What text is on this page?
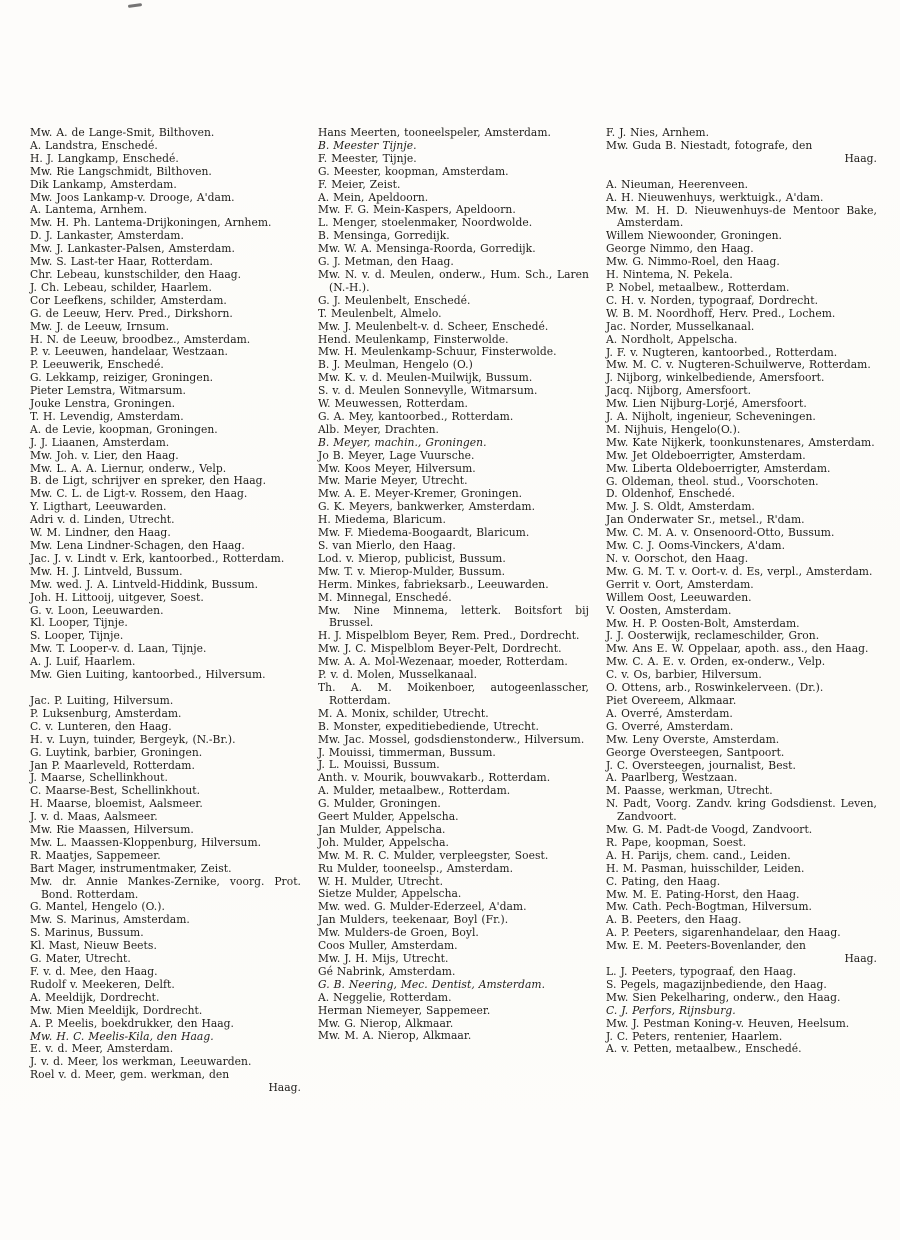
Mw. A. de Lange-Smit, Bilthoven.

A. Landstra, Enschedé.

H. J. Langkamp, Enschedé.

Mw. Rie Langschmidt, Bilthoven.

Dik Lankamp, Amsterdam.

Mw. Joos Lankamp-v. Drooge, A'dam.

A. Lantema, Arnhem.

Mw. H. Ph. Lantema-Drijkoningen, Arnhem.

D. J. Lankaster, Amsterdam.

Mw. J. Lankaster-Palsen, Amsterdam.

Mw. S. Last-ter Haar, Rotterdam.

Chr. Lebeau, kunstschilder, den Haag.

J. Ch. Lebeau, schilder, Haarlem.

Cor Leefkens, schilder, Amsterdam.

G. de Leeuw, Herv. Pred., Dirkshorn.

Mw. J. de Leeuw, Irnsum.

H. N. de Leeuw, broodbez., Amsterdam.

P. v. Leeuwen, handelaar, Westzaan.

P. Leeuwerik, Enschedé.

G. Lekkamp, reiziger, Groningen.

Pieter Lemstra, Witmarsum.

Jouke Lenstra, Groningen.

T. H. Levendig, Amsterdam.

A. de Levie, koopman, Groningen.

J. J. Liaanen, Amsterdam.

Mw. Joh. v. Lier, den Haag.

Mw. L. A. A. Liernur, onderw., Velp.

B. de Ligt, schrijver en spreker, den Haag.

Mw. C. L. de Ligt-v. Rossem, den Haag.

Y. Ligthart, Leeuwarden.

Adri v. d. Linden, Utrecht.

W. M. Lindner, den Haag.

Mw. Lena Lindner-Schagen, den Haag.

Jac. J. v. Lindt v. Erk, kantoorbed., Rotterdam.

Mw. H. J. Lintveld, Bussum.

Mw. wed. J. A. Lintveld-Hiddink, Bussum.

Joh. H. Littooij, uitgever, Soest.

G. v. Loon, Leeuwarden.

Kl. Looper, Tijnje.

S. Looper, Tijnje.

Mw. T. Looper-v. d. Laan, Tijnje.

A. J. Luif, Haarlem.

Mw. Gien Luiting, kantoorbed., Hilversum.

Jac. P. Luiting, Hilversum.

P. Luksenburg, Amsterdam.

C. v. Lunteren, den Haag.

H. v. Luyn, tuinder, Bergeyk, (N.-Br.).

G. Luytink, barbier, Groningen.

Jan P. Maarleveld, Rotterdam.

J. Maarse, Schellinkhout.

C. Maarse-Best, Schellinkhout.

H. Maarse, bloemist, Aalsmeer.

J. v. d. Maas, Aalsmeer.

Mw. Rie Maassen, Hilversum.

Mw. L. Maassen-Kloppenburg, Hilversum.

R. Maatjes, Sappemeer.

Bart Mager, instrumentmaker, Zeist.

Mw. dr. Annie Mankes-Zernike, voorg. Prot. Bond. Rotterdam.

G. Mantel, Hengelo (O.).

Mw. S. Marinus, Amsterdam.

S. Marinus, Bussum.

Kl. Mast, Nieuw Beets.

G. Mater, Utrecht.

F. v. d. Mee, den Haag.

Rudolf v. Meekeren, Delft.

A. Meeldijk, Dordrecht.

Mw. Mien Meeldijk, Dordrecht.

A. P. Meelis, boekdrukker, den Haag.

Mw. H. C. Meelis-Kila, den Haag.

E. v. d. Meer, Amsterdam.

J. v. d. Meer, los werkman, Leeuwarden.

Roel v. d. Meer, gem. werkman, den
Haag.

Hans Meerten, tooneelspeler, Amsterdam.

B. Meester Tijnje.

F. Meester, Tijnje.

G. Meester, koopman, Amsterdam.

F. Meier, Zeist.

A. Mein, Apeldoorn.

Mw. F. G. Mein-Kaspers, Apeldoorn.

L. Menger, stoelenmaker, Noordwolde.

B. Mensinga, Gorredijk.

Mw. W. A. Mensinga-Roorda, Gorredijk.

G. J. Metman, den Haag.

Mw. N. v. d. Meulen, onderw., Hum. Sch., Laren (N.-H.).

G. J. Meulenbelt, Enschedé.

T. Meulenbelt, Almelo.

Mw. J. Meulenbelt-v. d. Scheer, Enschedé.

Hend. Meulenkamp, Finsterwolde.

Mw. H. Meulenkamp-Schuur, Finsterwolde.

B. J. Meulman, Hengelo (O.)

Mw. K. v. d. Meulen-Muilwijk, Bussum.

S. v. d. Meulen Sonnevylle, Witmarsum.

W. Meuwessen, Rotterdam.

G. A. Mey, kantoorbed., Rotterdam.

Alb. Meyer, Drachten.

B. Meyer, machin., Groningen.

Jo B. Meyer, Lage Vuursche.

Mw. Koos Meyer, Hilversum.

Mw. Marie Meyer, Utrecht.

Mw. A. E. Meyer-Kremer, Groningen.

G. K. Meyers, bankwerker, Amsterdam.

H. Miedema, Blaricum.

Mw. F. Miedema-Boogaardt, Blaricum.

S. van Mierlo, den Haag.

Lod. v. Mierop, publicist, Bussum.

Mw. T. v. Mierop-Mulder, Bussum.

Herm. Minkes, fabrieksarb., Leeuwarden.

M. Minnegal, Enschedé.

Mw. Nine Minnema, letterk. Boitsfort bij Brussel.

H. J. Mispelblom Beyer, Rem. Pred., Dordrecht.

Mw. J. C. Mispelblom Beyer-Pelt, Dordrecht.

Mw. A. A. Mol-Wezenaar, moeder, Rotterdam.

P. v. d. Molen, Musselkanaal.

Th. A. M. Moikenboer, autogeenlasscher, Rotterdam.

M. A. Monix, schilder, Utrecht.

B. Monster, expeditiebediende, Utrecht.

Mw. Jac. Mossel, godsdienstonderw., Hilversum.

J. Mouissi, timmerman, Bussum.

J. L. Mouissi, Bussum.

Anth. v. Mourik, bouwvakarb., Rotterdam.

A. Mulder, metaalbew., Rotterdam.

G. Mulder, Groningen.

Geert Mulder, Appelscha.

Jan Mulder, Appelscha.

Joh. Mulder, Appelscha.

Mw. M. R. C. Mulder, verpleegster, Soest.

Ru Mulder, tooneelsp., Amsterdam.

W. H. Mulder, Utrecht.

Sietze Mulder, Appelscha.

Mw. wed. G. Mulder-Ederzeel, A'dam.

Jan Mulders, teekenaar, Boyl (Fr.).

Mw. Mulders-de Groen, Boyl.

Coos Muller, Amsterdam.

Mw. J. H. Mijs, Utrecht.

Gé Nabrink, Amsterdam.

G. B. Neering, Mec. Dentist, Amsterdam.

A. Neggelie, Rotterdam.

Herman Niemeyer, Sappemeer.

Mw. G. Nierop, Alkmaar.

Mw. M. A. Nierop, Alkmaar.

F. J. Nies, Arnhem.

Mw. Guda B. Niestadt, fotografe, den
Haag.

A. Nieuman, Heerenveen.

A. H. Nieuwenhuys, werktuigk., A'dam.

Mw. M. H. D. Nieuwenhuys-de Mentoor Bake, Amsterdam.

Willem Niewoonder, Groningen.

George Nimmo, den Haag.

Mw. G. Nimmo-Roel, den Haag.

H. Nintema, N. Pekela.

P. Nobel, metaalbew., Rotterdam.

C. H. v. Norden, typograaf, Dordrecht.

W. B. M. Noordhoff, Herv. Pred., Lochem.

Jac. Norder, Musselkanaal.

A. Nordholt, Appelscha.

J. F. v. Nugteren, kantoorbed., Rotterdam.

Mw. M. C. v. Nugteren-Schuilwerve, Rotterdam.

J. Nijborg, winkelbediende, Amersfoort.

Jacq. Nijborg, Amersfoort.

Mw. Lien Nijburg-Lorjé, Amersfoort.

J. A. Nijholt, ingenieur, Scheveningen.

M. Nijhuis, Hengelo(O.).

Mw. Kate Nijkerk, toonkunstenares, Amsterdam.

Mw. Jet Oldeboerrigter, Amsterdam.

Mw. Liberta Oldeboerrigter, Amsterdam.

G. Oldeman, theol. stud., Voorschoten.

D. Oldenhof, Enschedé.

Mw. J. S. Oldt, Amsterdam.

Jan Onderwater Sr., metsel., R'dam.

Mw. C. M. A. v. Onsenoord-Otto, Bussum.

Mw. C. J. Ooms-Vinckers, A'dam.

N. v. Oorschot, den Haag.

Mw. G. M. T. v. Oort-v. d. Es, verpl., Amsterdam.

Gerrit v. Oort, Amsterdam.

Willem Oost, Leeuwarden.

V. Oosten, Amsterdam.

Mw. H. P. Oosten-Bolt, Amsterdam.

J. J. Oosterwijk, reclameschilder, Gron.

Mw. Ans E. W. Oppelaar, apoth. ass., den Haag.

Mw. C. A. E. v. Orden, ex-onderw., Velp.

C. v. Os, barbier, Hilversum.

O. Ottens, arb., Roswinkelerveen. (Dr.).

Piet Overeem, Alkmaar.

A. Overré, Amsterdam.

G. Overré, Amsterdam.

Mw. Leny Overste, Amsterdam.

George Oversteegen, Santpoort.

J. C. Oversteegen, journalist, Best.

A. Paarlberg, Westzaan.

M. Paasse, werkman, Utrecht.

N. Padt, Voorg. Zandv. kring Godsdienst. Leven, Zandvoort.

Mw. G. M. Padt-de Voogd, Zandvoort.

R. Pape, koopman, Soest.

A. H. Parijs, chem. cand., Leiden.

H. M. Pasman, huisschilder, Leiden.

C. Pating, den Haag.

Mw. M. E. Pating-Horst, den Haag.

Mw. Cath. Pech-Bogtman, Hilversum.

A. B. Peeters, den Haag.

A. P. Peeters, sigarenhandelaar, den Haag.

Mw. E. M. Peeters-Bovenlander, den
Haag.

L. J. Peeters, typograaf, den Haag.

S. Pegels, magazijnbediende, den Haag.

Mw. Sien Pekelharing, onderw., den Haag.

C. J. Perfors, Rijnsburg.

Mw. J. Pestman Koning-v. Heuven, Heelsum.

J. C. Peters, rentenier, Haarlem.

A. v. Petten, metaalbew., Enschedé.
